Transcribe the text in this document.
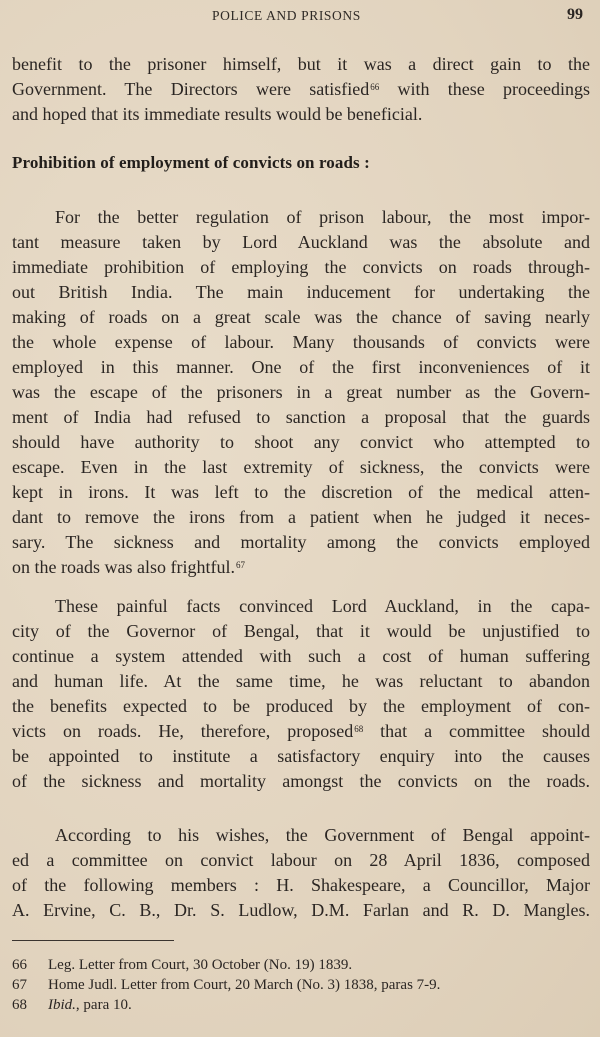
POLICE AND PRISONS	99

benefit to the prisoner himself, but it was a direct gain to the

Government. The Directors were satisfied$^{66}$ with these proceedings

and hoped that its immediate results would be beneficial.

Prohibition of employment of convicts on roads :

For the better regulation of prison labour, the most impor-

tant measure taken by Lord Auckland was the absolute and

immediate prohibition of employing the convicts on roads through-

out British India. The main inducement for undertaking the

making of roads on a great scale was the chance of saving nearly

the whole expense of labour. Many thousands of convicts were

employed in this manner. One of the first inconveniences of it

was the escape of the prisoners in a great number as the Govern-

ment of India had refused to sanction a proposal that the guards

should have authority to shoot any convict who attempted to

escape. Even in the last extremity of sickness, the convicts were

kept in irons. It was left to the discretion of the medical atten-

dant to remove the irons from a patient when he judged it neces-

sary. The sickness and mortality among the convicts employed

on the roads was also frightful.$^{67}$

These painful facts convinced Lord Auckland, in the capa-

city of the Governor of Bengal, that it would be unjustified to

continue a system attended with such a cost of human suffering

and human life. At the same time, he was reluctant to abandon

the benefits expected to be produced by the employment of con-

victs on roads. He, therefore, proposed$^{68}$ that a committee should

be appointed to institute a satisfactory enquiry into the causes

of the sickness and mortality amongst the convicts on the roads.

According to his wishes, the Government of Bengal appoint-

ed a committee on convict labour on 28 April 1836, composed

of the following members : H. Shakespeare, a Councillor, Major

A. Ervine, C. B., Dr. S. Ludlow, D.M. Farlan and R. D. Mangles.

66	Leg. Letter from Court, 30 October (No. 19) 1839.
67	Home Judl. Letter from Court, 20 March (No. 3) 1838, paras 7-9.
68	Ibid., para 10.
